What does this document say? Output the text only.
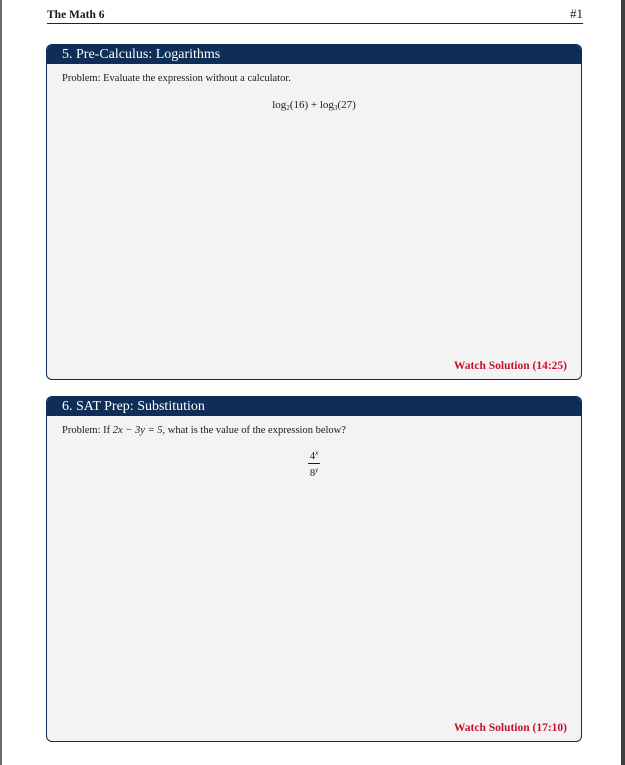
The Math 6	#1
5. Pre-Calculus: Logarithms
Problem: Evaluate the expression without a calculator.
$\log_2(16) + \log_3(27)$
Watch Solution (14:25)
6. SAT Prep: Substitution
Problem: If 2x − 3y = 5, what is the value of the expression below?
$\frac{4^x}{8^y}$
Watch Solution (17:10)
